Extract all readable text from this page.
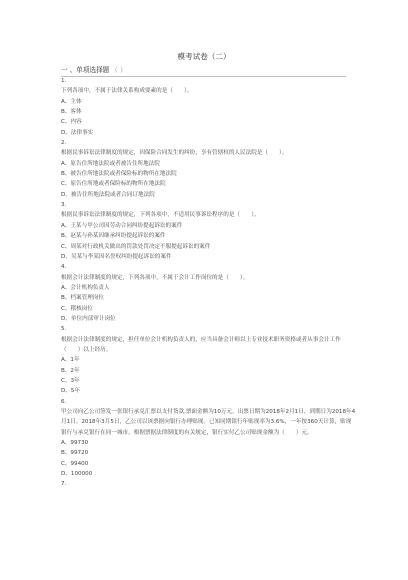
模考试卷（二）
一 、单项选择题 （ ）
1.
下列各项中，不属于法律关系构成要素的是（　　）。
A、主体
B、客体
C、内容
D、法律事实
2.
根据民事诉讼法律制度的规定，因保险合同发生的纠纷，享有管辖权的人民法院是（　　）。
A、原告住所地法院或者被告住所地法院
B、被告住所地法院或者保险标的物所在地法院
C、原告住所地或者保险标的物所在地法院
D、被告住所地法院或者合同订地法院
3.
根据民事诉讼法律制度的规定，下列各项中，不适用民事诉讼程序的是（　　）。
A、王某与甲公司因劳动合同纠纷提起诉讼的案件
B、赵某与孙某因继承纠纷提起诉讼的案件
C、周某对行政机关做出的罚款处罚决定不服提起诉讼的案件
D、吴某与李某因名誉权纠纷提起诉讼的案件
4.
根据会计法律制度的规定，下列各项中，不属于会计工作岗位的是（　　）。
A、会计机构负责人
B、档案管理岗位
C、稽核岗位
D、单位内部审计岗位
5.
根据会计法律制度的规定，担任单位会计机构负责人的，应当具备会计师以上专业技术职务资格或者从事会计工作（　　）以上经历。
A、1年
B、2年
C、3年
D、5年
6.
甲公司向乙公司签发一张银行承兑汇票以支付货款,票面金额为10万元，出票日期为2018年2月1日，到期日为2018年4月1日。2018年3月5日，乙公司以该票据向银行办理贴现。已知同期银行年贴现率为3.6%，一年按360天计算，贴现银行与承兑银行在同一城市。根据票据法律制度的有关规定，银行实付乙公司贴现金额为（　　）元。
A、99730
B、99720
C、99400
D、100000
7.
